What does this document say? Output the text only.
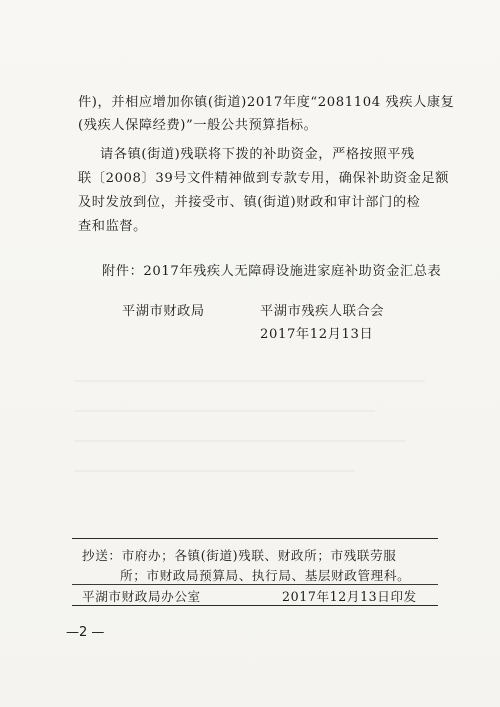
件)，并相应增加你镇(街道)2017年度“2081104 残疾人康复
(残疾人保障经费)”一般公共预算指标。
请各镇(街道)残联将下拨的补助资金，严格按照平残
联〔2008〕39号文件精神做到专款专用，确保补助资金足额
及时发放到位，并接受市、镇(街道)财政和审计部门的检
查和监督。
附件：2017年残疾人无障碍设施进家庭补助资金汇总表
平湖市财政局	平湖市残疾人联合会
2017年12月13日
抄送：市府办；各镇(街道)残联、财政所；市残联劳服
所；市财政局预算局、执行局、基层财政管理科。
平湖市财政局办公室	2017年12月13日印发
—2 —
